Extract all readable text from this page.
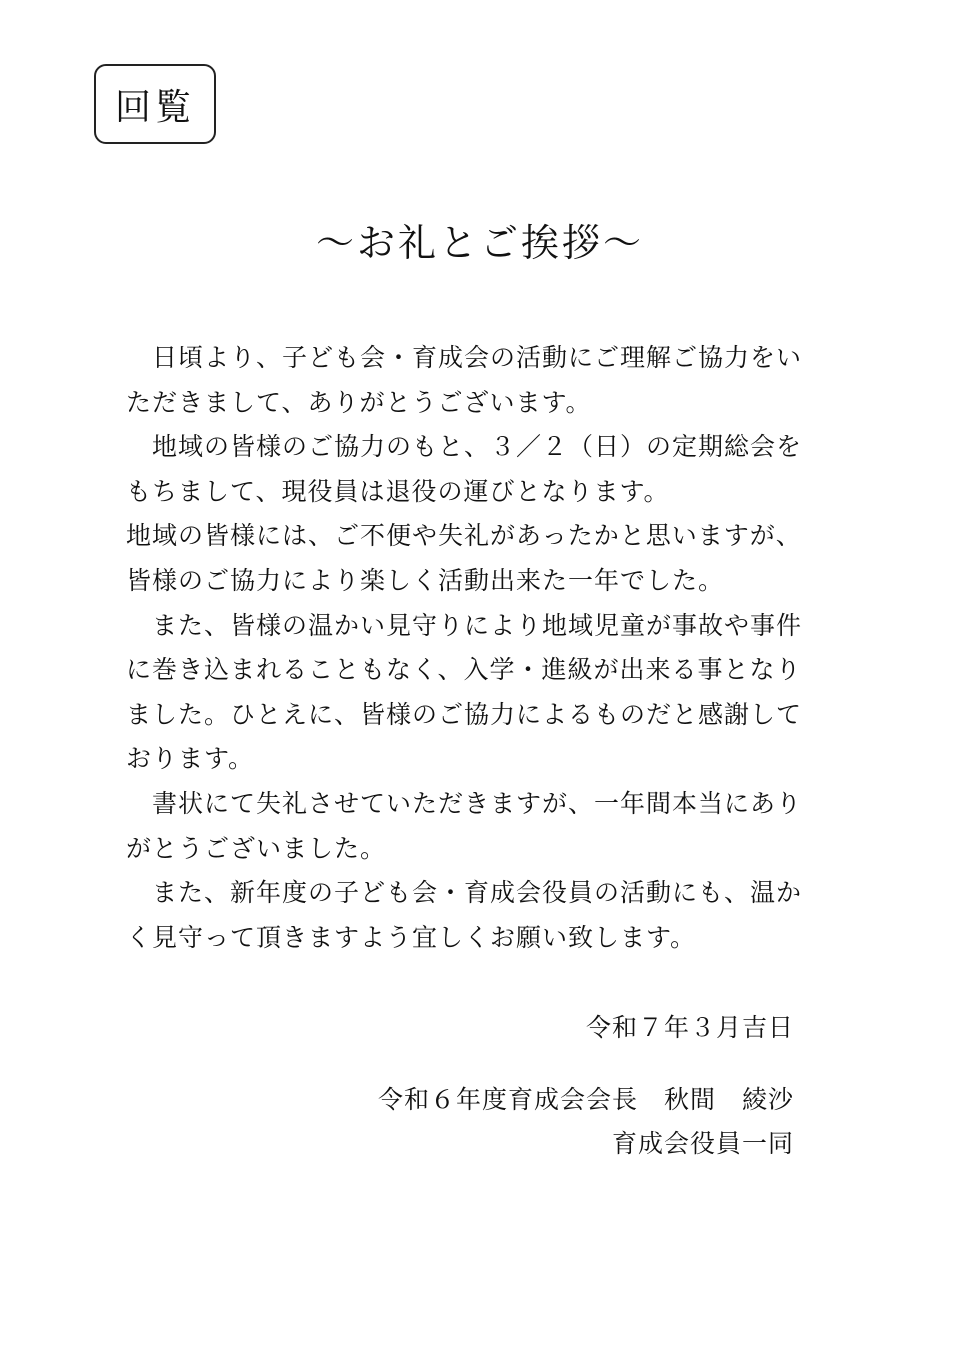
回覧
～お礼とご挨拶～
　日頃より、子ども会・育成会の活動にご理解ご協力をい
ただきまして、ありがとうございます。
　地域の皆様のご協力のもと、３／２（日）の定期総会を
もちまして、現役員は退役の運びとなります。
地域の皆様には、ご不便や失礼があったかと思いますが、
皆様のご協力により楽しく活動出来た一年でした。
　また、皆様の温かい見守りにより地域児童が事故や事件
に巻き込まれることもなく、入学・進級が出来る事となり
ました。ひとえに、皆様のご協力によるものだと感謝して
おります。
　書状にて失礼させていただきますが、一年間本当にあり
がとうございました。
　また、新年度の子ども会・育成会役員の活動にも、温か
く見守って頂きますよう宜しくお願い致します。
令和７年３月吉日
令和６年度育成会会長　秋間　綾沙
育成会役員一同
